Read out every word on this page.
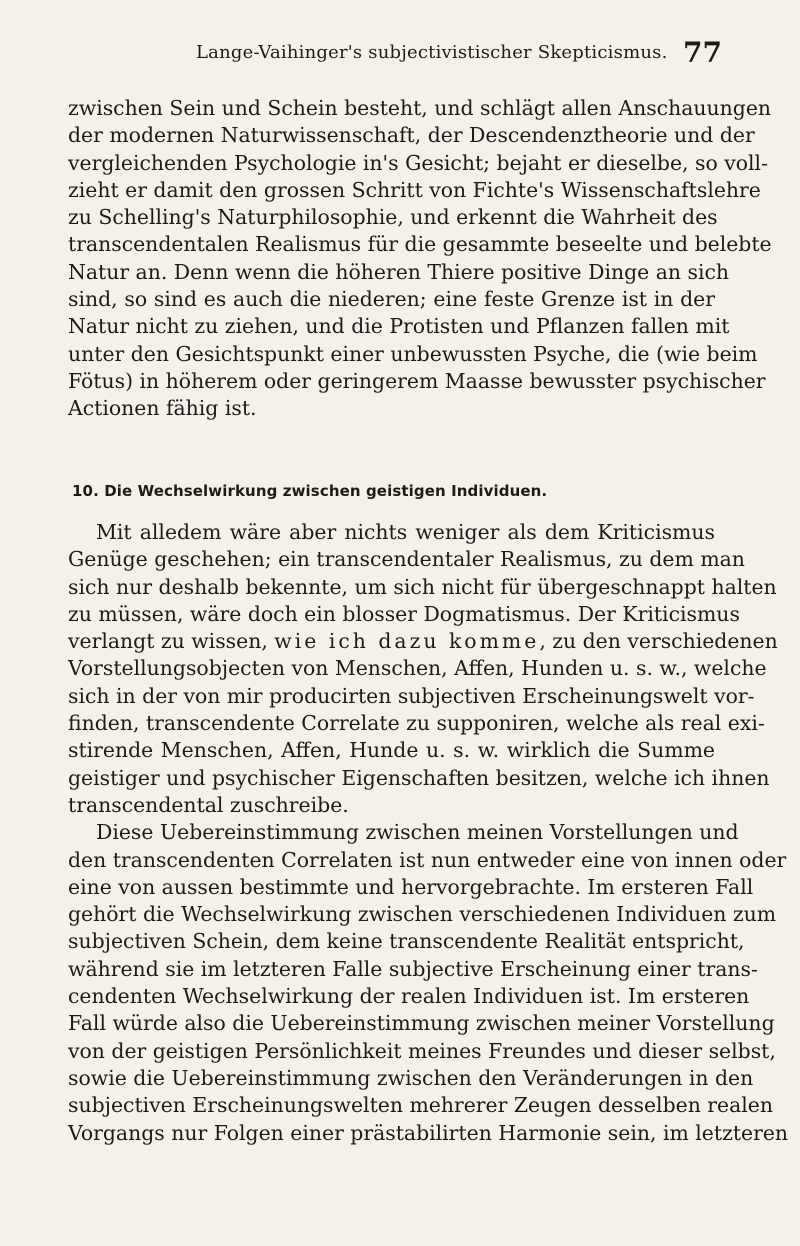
Lange-Vaihinger's subjectivistischer Skepticismus. 77
zwischen Sein und Schein besteht, und schlägt allen Anschauungen
der modernen Naturwissenschaft, der Descendenztheorie und der
vergleichenden Psychologie in's Gesicht; bejaht er dieselbe, so voll-
zieht er damit den grossen Schritt von Fichte's Wissenschaftslehre
zu Schelling's Naturphilosophie, und erkennt die Wahrheit des
transcendentalen Realismus für die gesammte beseelte und belebte
Natur an. Denn wenn die höheren Thiere positive Dinge an sich
sind, so sind es auch die niederen; eine feste Grenze ist in der
Natur nicht zu ziehen, und die Protisten und Pflanzen fallen mit
unter den Gesichtspunkt einer unbewussten Psyche, die (wie beim
Fötus) in höherem oder geringerem Maasse bewusster psychischer
Actionen fähig ist.
10. Die Wechselwirkung zwischen geistigen Individuen.
Mit alledem wäre aber nichts weniger als dem Kriticismus
Genüge geschehen; ein transcendentaler Realismus, zu dem man
sich nur deshalb bekennte, um sich nicht für übergeschnappt halten
zu müssen, wäre doch ein blosser Dogmatismus. Der Kriticismus
verlangt zu wissen, wie ich dazu komme, zu den verschiedenen
Vorstellungsobjecten von Menschen, Affen, Hunden u. s. w., welche
sich in der von mir producirten subjectiven Erscheinungswelt vor-
finden, transcendente Correlate zu supponiren, welche als real exi-
stirende Menschen, Affen, Hunde u. s. w. wirklich die Summe
geistiger und psychischer Eigenschaften besitzen, welche ich ihnen
transcendental zuschreibe.
Diese Uebereinstimmung zwischen meinen Vorstellungen und
den transcendenten Correlaten ist nun entweder eine von innen oder
eine von aussen bestimmte und hervorgebrachte. Im ersteren Fall
gehört die Wechselwirkung zwischen verschiedenen Individuen zum
subjectiven Schein, dem keine transcendente Realität entspricht,
während sie im letzteren Falle subjective Erscheinung einer trans-
cendenten Wechselwirkung der realen Individuen ist. Im ersteren
Fall würde also die Uebereinstimmung zwischen meiner Vorstellung
von der geistigen Persönlichkeit meines Freundes und dieser selbst,
sowie die Uebereinstimmung zwischen den Veränderungen in den
subjectiven Erscheinungswelten mehrerer Zeugen desselben realen
Vorgangs nur Folgen einer prästabilirten Harmonie sein, im letzteren
